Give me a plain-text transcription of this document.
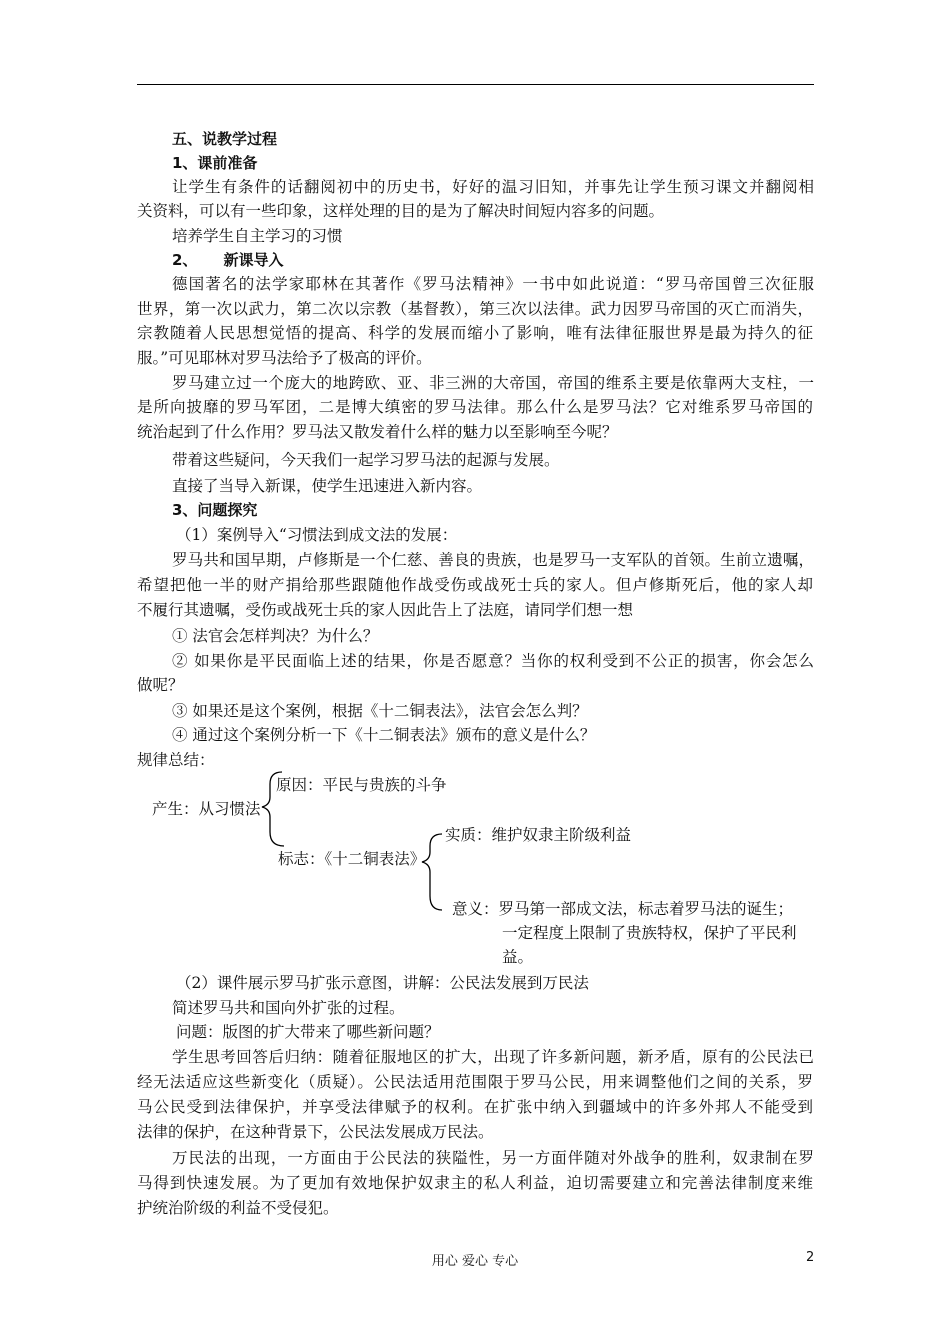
五、说教学过程
1、课前准备
让学生有条件的话翻阅初中的历史书，好好的温习旧知，并事先让学生预习课文并翻阅相
关资料，可以有一些印象，这样处理的目的是为了解决时间短内容多的问题。
培养学生自主学习的习惯
2、     新课导入
德国著名的法学家耶林在其著作《罗马法精神》一书中如此说道：“罗马帝国曾三次征服
世界，第一次以武力，第二次以宗教（基督教），第三次以法律。武力因罗马帝国的灭亡而消失，
宗教随着人民思想觉悟的提高、科学的发展而缩小了影响，唯有法律征服世界是最为持久的征
服。”可见耶林对罗马法给予了极高的评价。
罗马建立过一个庞大的地跨欧、亚、非三洲的大帝国，帝国的维系主要是依靠两大支柱，一
是所向披靡的罗马军团，二是博大缜密的罗马法律。那么什么是罗马法？它对维系罗马帝国的
统治起到了什么作用？罗马法又散发着什么样的魅力以至影响至今呢？
带着这些疑问，今天我们一起学习罗马法的起源与发展。
直接了当导入新课，使学生迅速进入新内容。
3、问题探究
（1）案例导入“习惯法到成文法的发展：
罗马共和国早期，卢修斯是一个仁慈、善良的贵族，也是罗马一支军队的首领。生前立遗嘱，
希望把他一半的财产捐给那些跟随他作战受伤或战死士兵的家人。但卢修斯死后，他的家人却
不履行其遗嘱，受伤或战死士兵的家人因此告上了法庭，请同学们想一想
① 法官会怎样判决？为什么？
② 如果你是平民面临上述的结果，你是否愿意？当你的权利受到不公正的损害，你会怎么
做呢？
③ 如果还是这个案例，根据《十二铜表法》，法官会怎么判？
④ 通过这个案例分析一下《十二铜表法》颁布的意义是什么？
规律总结：
产生：从习惯法
原因：平民与贵族的斗争
标志：《十二铜表法》
实质：维护奴隶主阶级利益
意义：罗马第一部成文法，标志着罗马法的诞生；
一定程度上限制了贵族特权，保护了平民利
益。
（2）课件展示罗马扩张示意图，讲解：公民法发展到万民法
简述罗马共和国向外扩张的过程。
问题：版图的扩大带来了哪些新问题？
学生思考回答后归纳：随着征服地区的扩大，出现了许多新问题，新矛盾，原有的公民法已
经无法适应这些新变化（质疑）。公民法适用范围限于罗马公民，用来调整他们之间的关系，罗
马公民受到法律保护，并享受法律赋予的权利。在扩张中纳入到疆域中的许多外邦人不能受到
法律的保护，在这种背景下，公民法发展成万民法。
万民法的出现，一方面由于公民法的狭隘性，另一方面伴随对外战争的胜利，奴隶制在罗
马得到快速发展。为了更加有效地保护奴隶主的私人利益，迫切需要建立和完善法律制度来维
护统治阶级的利益不受侵犯。
用心 爱心 专心	2
